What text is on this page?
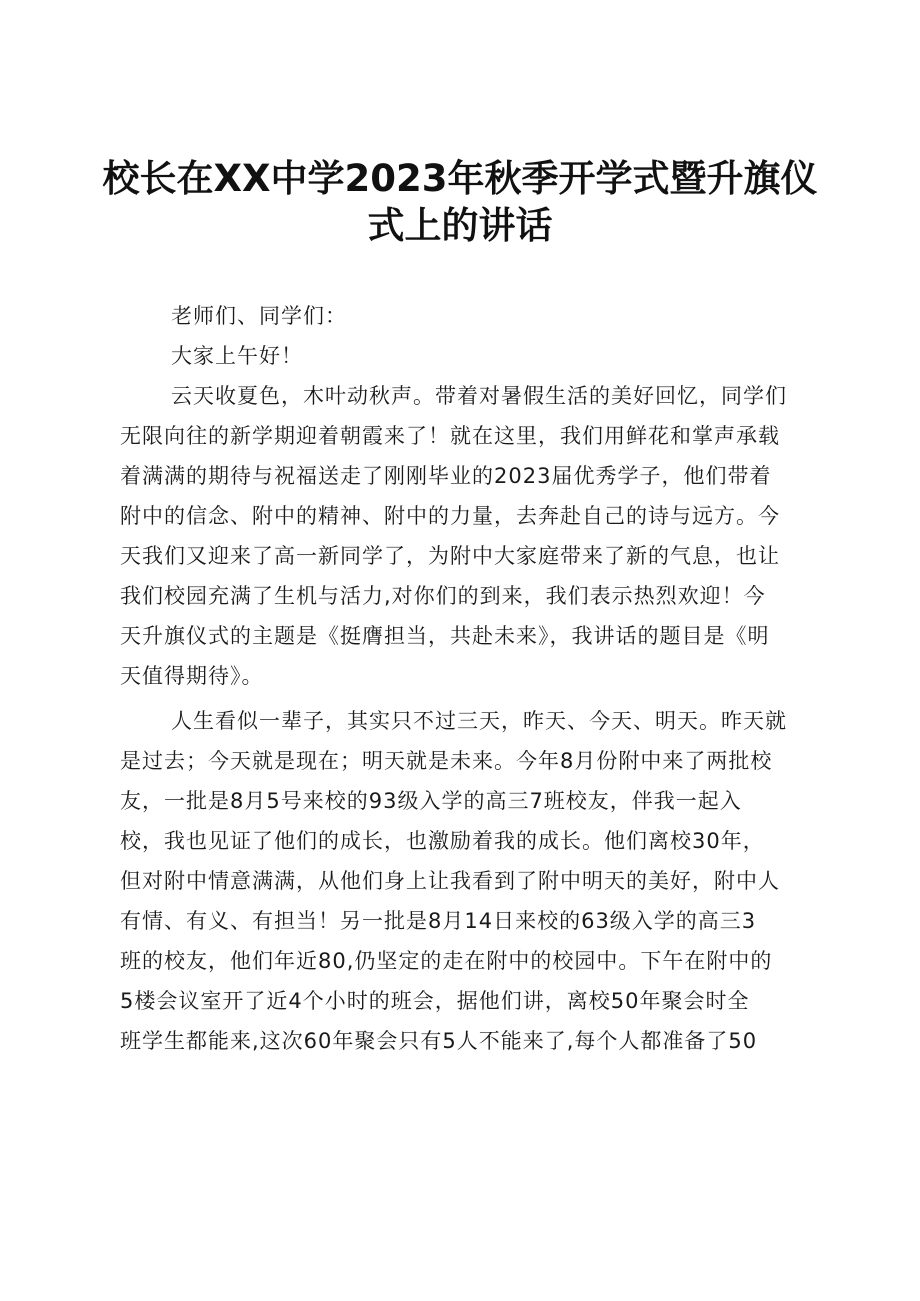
校长在XX中学2023年秋季开学式暨升旗仪
式上的讲话

老师们、同学们：

大家上午好！

云天收夏色，木叶动秋声。带着对暑假生活的美好回忆，同学们
无限向往的新学期迎着朝霞来了！就在这里，我们用鲜花和掌声承载
着满满的期待与祝福送走了刚刚毕业的2023届优秀学子，他们带着
附中的信念、附中的精神、附中的力量，去奔赴自己的诗与远方。今
天我们又迎来了高一新同学了，为附中大家庭带来了新的气息，也让
我们校园充满了生机与活力,对你们的到来，我们表示热烈欢迎！今
天升旗仪式的主题是《挺膺担当，共赴未来》，我讲话的题目是《明
天值得期待》。

人生看似一辈子，其实只不过三天，昨天、今天、明天。昨天就
是过去；今天就是现在；明天就是未来。今年8月份附中来了两批校
友，一批是8月5号来校的93级入学的高三7班校友，伴我一起入
校，我也见证了他们的成长，也激励着我的成长。他们离校30年，
但对附中情意满满，从他们身上让我看到了附中明天的美好，附中人
有情、有义、有担当！另一批是8月14日来校的63级入学的高三3
班的校友，他们年近80,仍坚定的走在附中的校园中。下午在附中的
5楼会议室开了近4个小时的班会，据他们讲，离校50年聚会时全
班学生都能来,这次60年聚会只有5人不能来了,每个人都准备了50
